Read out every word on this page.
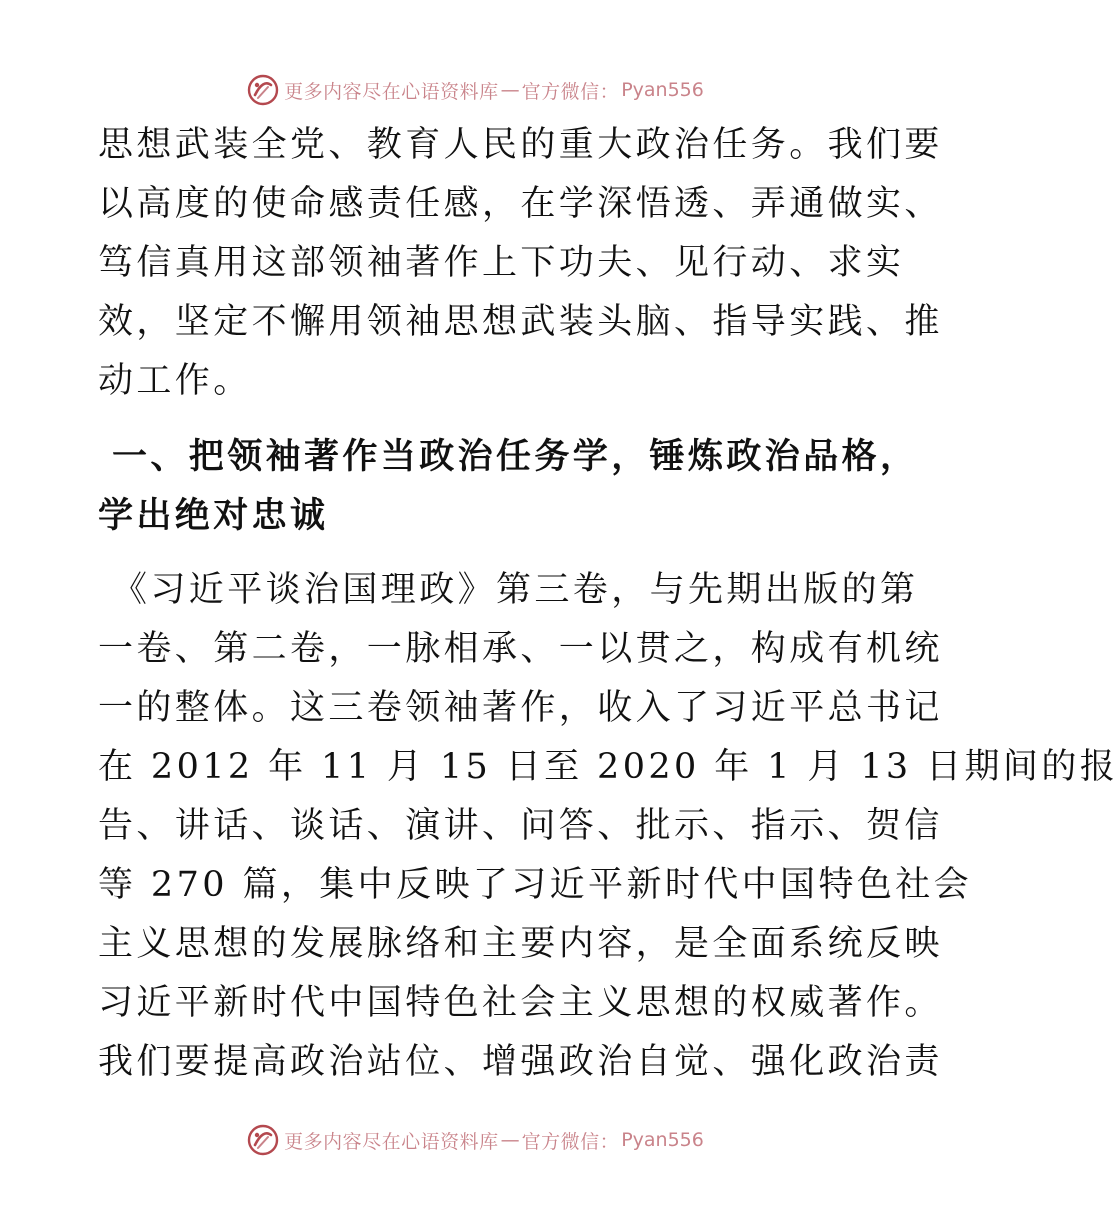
更多内容尽在心语资料库 — 官方微信： Pyan556

思想武装全党、教育人民的重大政治任务。我们要
以高度的使命感责任感，在学深悟透、弄通做实、
笃信真用这部领袖著作上下功夫、见行动、求实
效，坚定不懈用领袖思想武装头脑、指导实践、推
动工作。

一、把领袖著作当政治任务学，锤炼政治品格，
学出绝对忠诚

《习近平谈治国理政》第三卷，与先期出版的第
一卷、第二卷，一脉相承、一以贯之，构成有机统
一的整体。这三卷领袖著作，收入了习近平总书记
在 2012 年 11 月 15 日至 2020 年 1 月 13 日期间的报
告、讲话、谈话、演讲、问答、批示、指示、贺信
等 270 篇，集中反映了习近平新时代中国特色社会
主义思想的发展脉络和主要内容，是全面系统反映
习近平新时代中国特色社会主义思想的权威著作。
我们要提高政治站位、增强政治自觉、强化政治责

更多内容尽在心语资料库 — 官方微信： Pyan556
